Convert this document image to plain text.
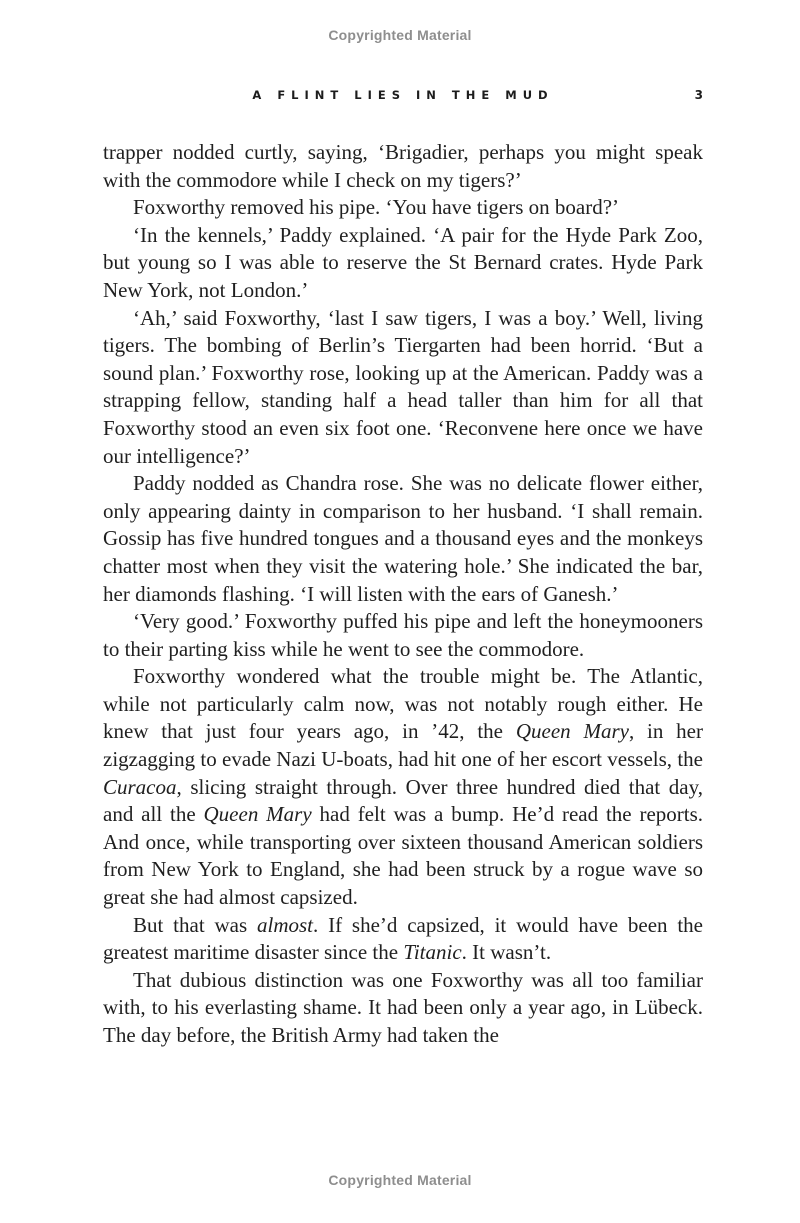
Copyrighted Material
A FLINT LIES IN THE MUD	3

trapper nodded curtly, saying, ‘Brigadier, perhaps you might speak with the commodore while I check on my tigers?’

Foxworthy removed his pipe. ‘You have tigers on board?’

‘In the kennels,’ Paddy explained. ‘A pair for the Hyde Park Zoo, but young so I was able to reserve the St Bernard crates. Hyde Park New York, not London.’

‘Ah,’ said Foxworthy, ‘last I saw tigers, I was a boy.’ Well, living tigers. The bombing of Berlin’s Tiergarten had been horrid. ‘But a sound plan.’ Foxworthy rose, looking up at the American. Paddy was a strapping fellow, standing half a head taller than him for all that Foxworthy stood an even six foot one. ‘Reconvene here once we have our intelligence?’

Paddy nodded as Chandra rose. She was no delicate flower either, only appearing dainty in comparison to her husband. ‘I shall remain. Gossip has five hundred tongues and a thousand eyes and the monkeys chatter most when they visit the watering hole.’ She indicated the bar, her diamonds flashing. ‘I will listen with the ears of Ganesh.’

‘Very good.’ Foxworthy puffed his pipe and left the honeymooners to their parting kiss while he went to see the commodore.

Foxworthy wondered what the trouble might be. The Atlantic, while not particularly calm now, was not notably rough either. He knew that just four years ago, in ’42, the Queen Mary, in her zigzagging to evade Nazi U-boats, had hit one of her escort vessels, the Curacoa, slicing straight through. Over three hundred died that day, and all the Queen Mary had felt was a bump. He’d read the reports. And once, while transporting over sixteen thousand American soldiers from New York to England, she had been struck by a rogue wave so great she had almost capsized.

But that was almost. If she’d capsized, it would have been the greatest maritime disaster since the Titanic. It wasn’t.

That dubious distinction was one Foxworthy was all too familiar with, to his everlasting shame. It had been only a year ago, in Lübeck. The day before, the British Army had taken the

Copyrighted Material
